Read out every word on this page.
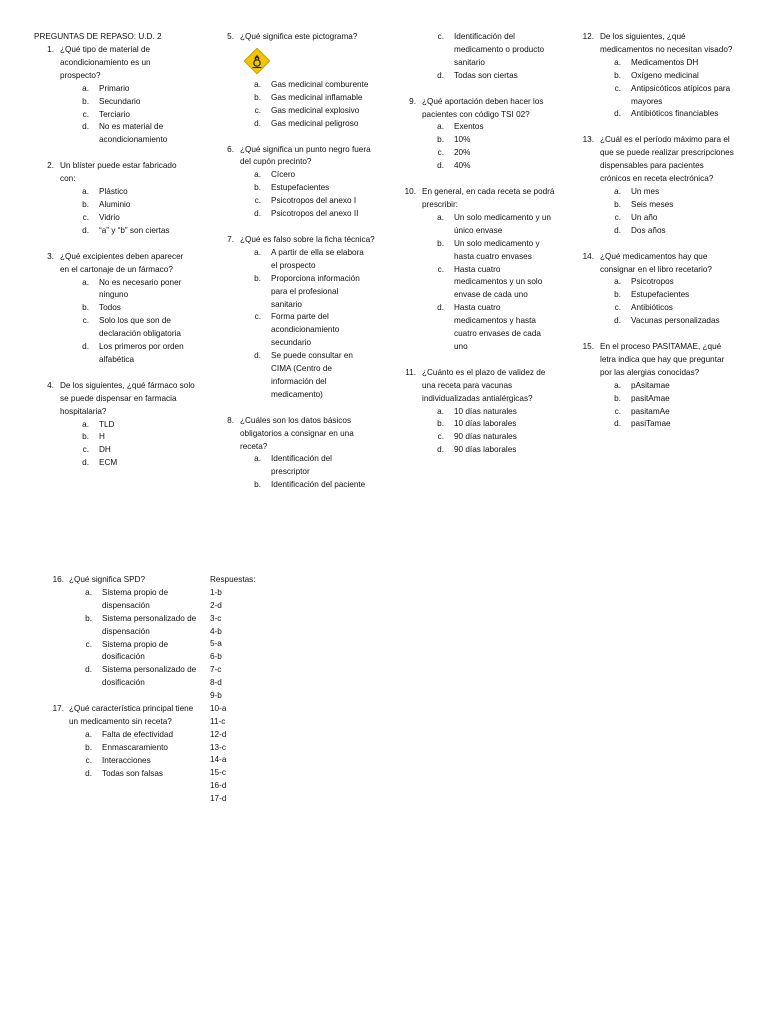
PREGUNTAS DE REPASO: U.D. 2

1. ¿Qué tipo de material de
acondicionamiento es un
prospecto?
a. Primario
b. Secundario
c. Terciario
d. No es material de
acondicionamiento
2. Un blíster puede estar fabricado
con:
a. Plástico
b. Aluminio
c. Vidrio
d. “a” y “b” son ciertas
3. ¿Qué excipientes deben aparecer
en el cartonaje de un fármaco?
a. No es necesario poner
ninguno
b. Todos
c. Solo los que son de
declaración obligatoria
d. Los primeros por orden
alfabética
4. De los siguientes, ¿qué fármaco solo
se puede dispensar en farmacia
hospitalaria?
a. TLD
b. H
c. DH
d. ECM
5. ¿Qué significa este pictograma?
a. Gas medicinal comburente
b. Gas medicinal inflamable
c. Gas medicinal explosivo
d. Gas medicinal peligroso
6. ¿Qué significa un punto negro fuera
del cupón precinto?
a. Cícero
b. Estupefacientes
c. Psicotropos del anexo I
d. Psicotropos del anexo II
7. ¿Qué es falso sobre la ficha técnica?
a. A partir de ella se elabora
el prospecto
b. Proporciona información
para el profesional
sanitario
c. Forma parte del
acondicionamiento
secundario
d. Se puede consultar en
CIMA (Centro de
información del
medicamento)
8. ¿Cuáles son los datos básicos
obligatorios a consignar en una
receta?
a. Identificación del
prescriptor
b. Identificación del paciente
c. Identificación del
medicamento o producto
sanitario
d. Todas son ciertas
9. ¿Qué aportación deben hacer los
pacientes con código TSI 02?
a. Exentos
b. 10%
c. 20%
d. 40%
10. En general, en cada receta se podrá
prescribir:
a. Un solo medicamento y un
único envase
b. Un solo medicamento y
hasta cuatro envases
c. Hasta cuatro
medicamentos y un solo
envase de cada uno
d. Hasta cuatro
medicamentos y hasta
cuatro envases de cada
uno
11. ¿Cuánto es el plazo de validez de
una receta para vacunas
individualizadas antialérgicas?
a. 10 días naturales
b. 10 días laborales
c. 90 días naturales
d. 90 días laborales
12. De los siguientes, ¿qué
medicamentos no necesitan visado?
a. Medicamentos DH
b. Oxígeno medicinal
c. Antipsicóticos atípicos para
mayores
d. Antibióticos financiables
13. ¿Cuál es el período máximo para el
que se puede realizar prescripciones
dispensables para pacientes
crónicos en receta electrónica?
a. Un mes
b. Seis meses
c. Un año
d. Dos años
14. ¿Qué medicamentos hay que
consignar en el libro recetario?
a. Psicotropos
b. Estupefacientes
c. Antibióticos
d. Vacunas personalizadas
15. En el proceso PASITAMAE, ¿qué
letra indica que hay que preguntar
por las alergias conocidas?
a. pAsitamae
b. pasitAmae
c. pasitamAe
d. pasiTamae
16. ¿Qué significa SPD?
a. Sistema propio de
dispensación
b. Sistema personalizado de
dispensación
c. Sistema propio de
dosificación
d. Sistema personalizado de
dosificación
17. ¿Qué característica principal tiene
un medicamento sin receta?
a. Falta de efectividad
b. Enmascaramiento
c. Interacciones
d. Todas son falsas
Respuestas:
1-b
2-d
3-c
4-b
5-a
6-b
7-c
8-d
9-b
10-a
11-c
12-d
13-c
14-a
15-c
16-d
17-d
